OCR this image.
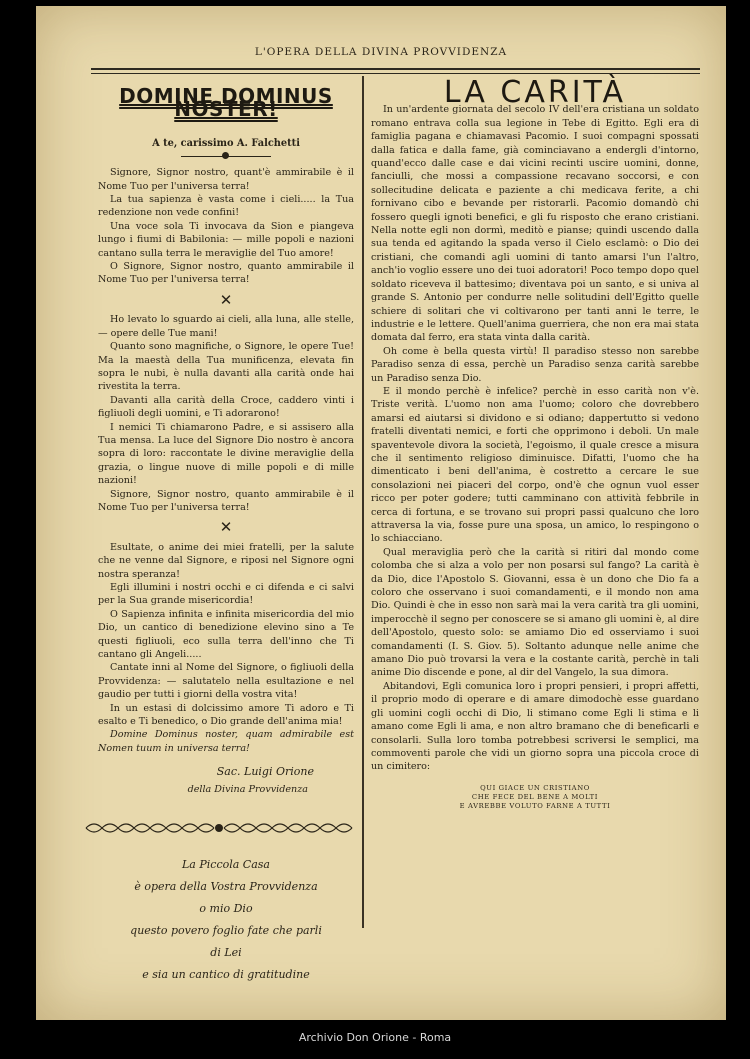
L'OPERA DELLA DIVINA PROVVIDENZA
DOMINE DOMINUS NOSTER!
A te, carissimo A. Falchetti

Signore, Signor nostro, quant'è ammirabile è il Nome Tuo per l'universa terra!

La tua sapienza è vasta come i cieli..... la Tua redenzione non vede confini!

Una voce sola Ti invocava da Sion e piangeva lungo i fiumi di Babilonia: — mille popoli e nazioni cantano sulla terra le meraviglie del Tuo amore!

O Signore, Signor nostro, quanto ammirabile il Nome Tuo per l'universa terra!

✕

Ho levato lo sguardo ai cieli, alla luna, alle stelle, — opere delle Tue mani!

Quanto sono magnifiche, o Signore, le opere Tue! Ma la maestà della Tua munificenza, elevata fin sopra le nubi, è nulla davanti alla carità onde hai rivestita la terra.

Davanti alla carità della Croce, caddero vinti i figliuoli degli uomini, e Ti adorarono!

I nemici Ti chiamarono Padre, e si assisero alla Tua mensa. La luce del Signore Dio nostro è ancora sopra di loro: raccontate le divine meraviglie della grazia, o lingue nuove di mille popoli e di mille nazioni!

Signore, Signor nostro, quanto ammirabile è il Nome Tuo per l'universa terra!

✕

Esultate, o anime dei miei fratelli, per la salute che ne venne dal Signore, e riposi nel Signore ogni nostra speranza!

Egli illumini i nostri occhi e ci difenda e ci salvi per la Sua grande misericordia!

O Sapienza infinita e infinita misericordia del mio Dio, un cantico di benedizione elevino sino a Te questi figliuoli, eco sulla terra dell'inno che Ti cantano gli Angeli.....

Cantate inni al Nome del Signore, o figliuoli della Provvidenza: — salutatelo nella esultazione e nel gaudio per tutti i giorni della vostra vita!

In un estasi di dolcissimo amore Ti adoro e Ti esalto e Ti benedico, o Dio grande dell'anima mia!

Domine Dominus noster, quam admirabile est Nomen tuum in universa terra!

Sac. Luigi Orione
della Divina Provvidenza
La Piccola Casa
è opera della Vostra Provvidenza
o mio Dio
questo povero foglio fate che parli
di Lei
e sia un cantico di gratitudine
LA CARITÀ

In un'ardente giornata del secolo IV dell'era cristiana un soldato romano entrava colla sua legione in Tebe di Egitto. Egli era di famiglia pagana e chiamavasi Pacomio. I suoi compagni spossati dalla fatica e dalla fame, già cominciavano a endergli d'intorno, quand'ecco dalle case e dai vicini recinti uscire uomini, donne, fanciulli, che mossi a compassione recavano soccorsi, e con sollecitudine delicata e paziente a chi medicava ferite, a chi fornivano cibo e bevande per ristorarli. Pacomio domandò chi fossero quegli ignoti benefici, e gli fu risposto che erano cristiani. Nella notte egli non dormì, meditò e pianse; quindi uscendo dalla sua tenda ed agitando la spada verso il Cielo esclamò: o Dio dei cristiani, che comandi agli uomini di tanto amarsi l'un l'altro, anch'io voglio essere uno dei tuoi adoratori! Poco tempo dopo quel soldato riceveva il battesimo; diventava poi un santo, e si univa al grande S. Antonio per condurre nelle solitudini dell'Egitto quelle schiere di solitari che vi coltivarono per tanti anni le terre, le industrie e le lettere. Quell'anima guerriera, che non era mai stata domata dal ferro, era stata vinta dalla carità.

Oh come è bella questa virtù! Il paradiso stesso non sarebbe Paradiso senza di essa, perchè un Paradiso senza carità sarebbe un Paradiso senza Dio.

E il mondo perchè è infelice? perchè in esso carità non v'è. Triste verità. L'uomo non ama l'uomo; coloro che dovrebbero amarsi ed aiutarsi si dividono e si odiano; dappertutto si vedono fratelli diventati nemici, e forti che opprimono i deboli. Un male spaventevole divora la società, l'egoismo, il quale cresce a misura che il sentimento religioso diminuisce. Difatti, l'uomo che ha dimenticato i beni dell'anima, è costretto a cercare le sue consolazioni nei piaceri del corpo, ond'è che ognun vuol esser ricco per poter godere; tutti camminano con attività febbrile in cerca di fortuna, e se trovano sui propri passi qualcuno che loro attraversa la via, fosse pure una sposa, un amico, lo respingono o lo schiacciano.

Qual meraviglia però che la carità si ritiri dal mondo come colomba che si alza a volo per non posarsi sul fango? La carità è da Dio, dice l'Apostolo S. Giovanni, essa è un dono che Dio fa a coloro che osservano i suoi comandamenti, e il mondo non ama Dio. Quindi è che in esso non sarà mai la vera carità tra gli uomini, imperocchè il segno per conoscere se si amano gli uomini è, al dire dell'Apostolo, questo solo: se amiamo Dio ed osserviamo i suoi comandamenti (I. S. Giov. 5). Soltanto adunque nelle anime che amano Dio può trovarsi la vera e la costante carità, perchè in tali anime Dio discende e pone, al dir del Vangelo, la sua dimora.

Abitandovi, Egli comunica loro i propri pensieri, i propri affetti, il proprio modo di operare e di amare dimodochè esse guardano gli uomini cogli occhi di Dio, li stimano come Egli li stima e li amano come Egli li ama, e non altro bramano che di beneficarli e consolarli. Sulla loro tomba potrebbesi scriversi le semplici, ma commoventi parole che vidi un giorno sopra una piccola croce di un cimitero:

QUI GIACE UN CRISTIANO
CHE FECE DEL BENE A MOLTI
E AVREBBE VOLUTO FARNE A TUTTI
Archivio Don Orione - Roma
